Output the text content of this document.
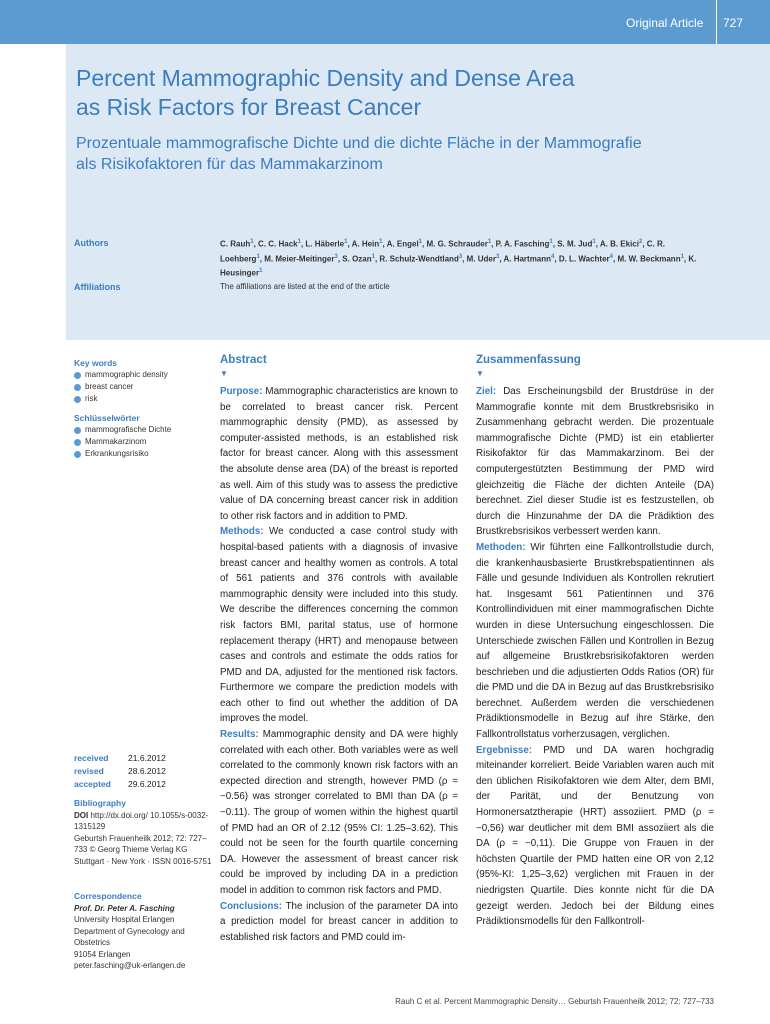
Original Article 727
Percent Mammographic Density and Dense Area
as Risk Factors for Breast Cancer
Prozentuale mammografische Dichte und die dichte Fläche in der Mammografie
als Risikofaktoren für das Mammakarzinom
Authors	C. Rauh$^1$, C. C. Hack$^1$, L. Häberle$^1$, A. Hein$^1$, A. Engel$^1$, M. G. Schrauder$^1$, P. A. Fasching$^1$, S. M. Jud$^1$, A. B. Ekici$^2$, C. R. Loehberg$^1$, M. Meier-Meitinger$^3$, S. Ozan$^1$, R. Schulz-Wendtland$^3$, M. Uder$^3$, A. Hartmann$^4$, D. L. Wachter$^4$, M. W. Beckmann$^1$, K. Heusinger$^1$
Affiliations	The affiliations are listed at the end of the article
Key words
mammographic density
breast cancer
risk
Schlüsselwörter
mammografische Dichte
Mammakarzinom
Erkrankungsrisiko
received	21.6.2012
revised	28.6.2012
accepted	29.6.2012
Bibliography
DOI http://dx.doi.org/ 10.1055/s-0032-1315129
Geburtsh Frauenheilk 2012; 72: 727–733 © Georg Thieme Verlag KG Stuttgart · New York · ISSN 0016-5751
Correspondence
Prof. Dr. Peter A. Fasching
University Hospital Erlangen Department of Gynecology and Obstetrics
91054 Erlangen
peter.fasching@uk-erlangen.de
Abstract
▼

Purpose: Mammographic characteristics are known to be correlated to breast cancer risk. Percent mammographic density (PMD), as assessed by computer-assisted methods, is an established risk factor for breast cancer. Along with this assessment the absolute dense area (DA) of the breast is reported as well. Aim of this study was to assess the predictive value of DA concerning breast cancer risk in addition to other risk factors and in addition to PMD.

Methods: We conducted a case control study with hospital-based patients with a diagnosis of invasive breast cancer and healthy women as controls. A total of 561 patients and 376 controls with available mammographic density were included into this study. We describe the differences concerning the common risk factors BMI, parital status, use of hormone replacement therapy (HRT) and menopause between cases and controls and estimate the odds ratios for PMD and DA, adjusted for the mentioned risk factors. Furthermore we compare the prediction models with each other to find out whether the addition of DA improves the model.

Results: Mammographic density and DA were highly correlated with each other. Both variables were as well correlated to the commonly known risk factors with an expected direction and strength, however PMD (ρ = −0.56) was stronger correlated to BMI than DA (ρ = −0.11). The group of women within the highest quartil of PMD had an OR of 2.12 (95% CI: 1.25–3.62). This could not be seen for the fourth quartile concerning DA. However the assessment of breast cancer risk could be improved by including DA in a prediction model in addition to common risk factors and PMD.

Conclusions: The inclusion of the parameter DA into a prediction model for breast cancer in addition to established risk factors and PMD could im-

Zusammenfassung
▼

Ziel: Das Erscheinungsbild der Brustdrüse in der Mammografie konnte mit dem Brustkrebsrisiko in Zusammenhang gebracht werden. Die prozentuale mammografische Dichte (PMD) ist ein etablierter Risikofaktor für das Mammakarzinom. Bei der computergestützten Bestimmung der PMD wird gleichzeitig die Fläche der dichten Anteile (DA) berechnet. Ziel dieser Studie ist es festzustellen, ob durch die Hinzunahme der DA die Prädiktion des Brustkrebsrisikos verbessert werden kann.

Methoden: Wir führten eine Fallkontrollstudie durch, die krankenhausbasierte Brustkrebspatientinnen als Fälle und gesunde Individuen als Kontrollen rekrutiert hat. Insgesamt 561 Patientinnen und 376 Kontrollindividuen mit einer mammografischen Dichte wurden in diese Untersuchung eingeschlossen. Die Unterschiede zwischen Fällen und Kontrollen in Bezug auf allgemeine Brustkrebsrisikofaktoren werden beschrieben und die adjustierten Odds Ratios (OR) für die PMD und die DA in Bezug auf das Brustkrebsrisiko berechnet. Außerdem werden die verschiedenen Prädiktionsmodelle in Bezug auf ihre Stärke, den Fallkontrollstatus vorherzusagen, verglichen.

Ergebnisse: PMD und DA waren hochgradig miteinander korreliert. Beide Variablen waren auch mit den üblichen Risikofaktoren wie dem Alter, dem BMI, der Parität, und der Benutzung von Hormonersatztherapie (HRT) assoziiert. PMD (ρ = −0,56) war deutlicher mit dem BMI assoziiert als die DA (ρ = −0,11). Die Gruppe von Frauen in der höchsten Quartile der PMD hatten eine OR von 2,12 (95%-KI: 1,25–3,62) verglichen mit Frauen in der niedrigsten Quartile. Dies konnte nicht für die DA gezeigt werden. Jedoch bei der Bildung eines Prädiktionsmodells für den Fallkontroll-

Rauh C et al. Percent Mammographic Density… Geburtsh Frauenheilk 2012; 72: 727–733
